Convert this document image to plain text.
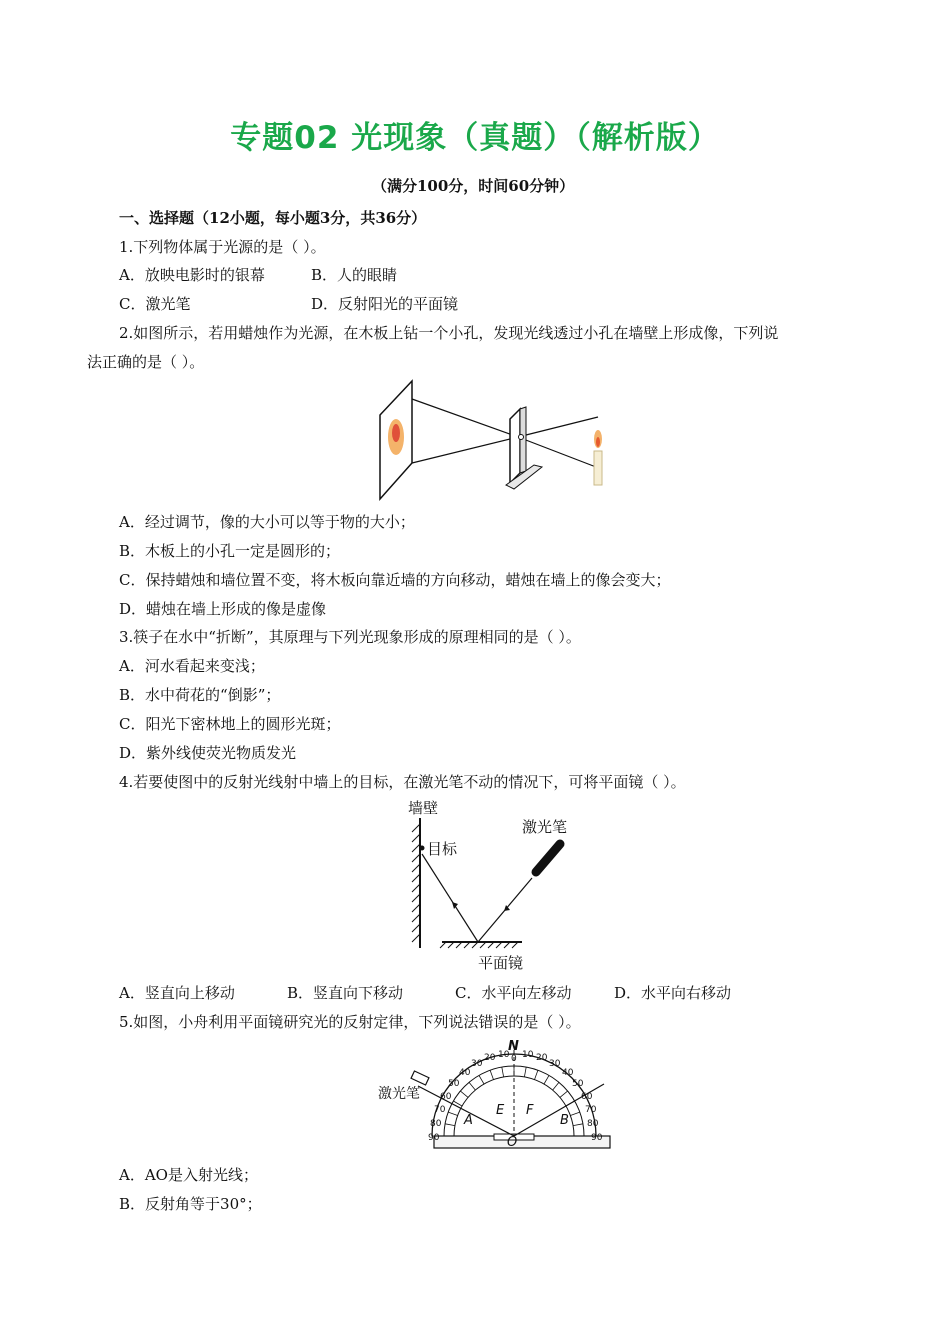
专题02 光现象（真题）（解析版）
（满分100分，时间60分钟）
一、选择题（12小题，每小题3分，共36分）
1.下列物体属于光源的是（ ）。
A．放映电影时的银幕	B．人的眼睛
C．激光笔	D．反射阳光的平面镜
2.如图所示，若用蜡烛作为光源，在木板上钻一个小孔，发现光线透过小孔在墙壁上形成像，下列说
法正确的是（ ）。
A．经过调节，像的大小可以等于物的大小；
B．木板上的小孔一定是圆形的；
C．保持蜡烛和墙位置不变，将木板向靠近墙的方向移动，蜡烛在墙上的像会变大；
D．蜡烛在墙上形成的像是虚像
3.筷子在水中“折断”，其原理与下列光现象形成的原理相同的是（ ）。
A．河水看起来变浅；
B．水中荷花的“倒影”；
C．阳光下密林地上的圆形光斑；
D．紫外线使荧光物质发光
4.若要使图中的反射光线射中墙上的目标，在激光笔不动的情况下，可将平面镜（ ）。
墙壁
目标
平面镜
激光笔
A．竖直向上移动	B．竖直向下移动	C．水平向左移动	D．水平向右移动
5.如图，小舟利用平面镜研究光的反射定律，下列说法错误的是（ ）。
激光笔
N
A	B
E F
O
90
80
70
60
50
40
30
20 10 0 10 20
30
40
50
60
70
80
90
A．AO是入射光线；
B．反射角等于30°；
